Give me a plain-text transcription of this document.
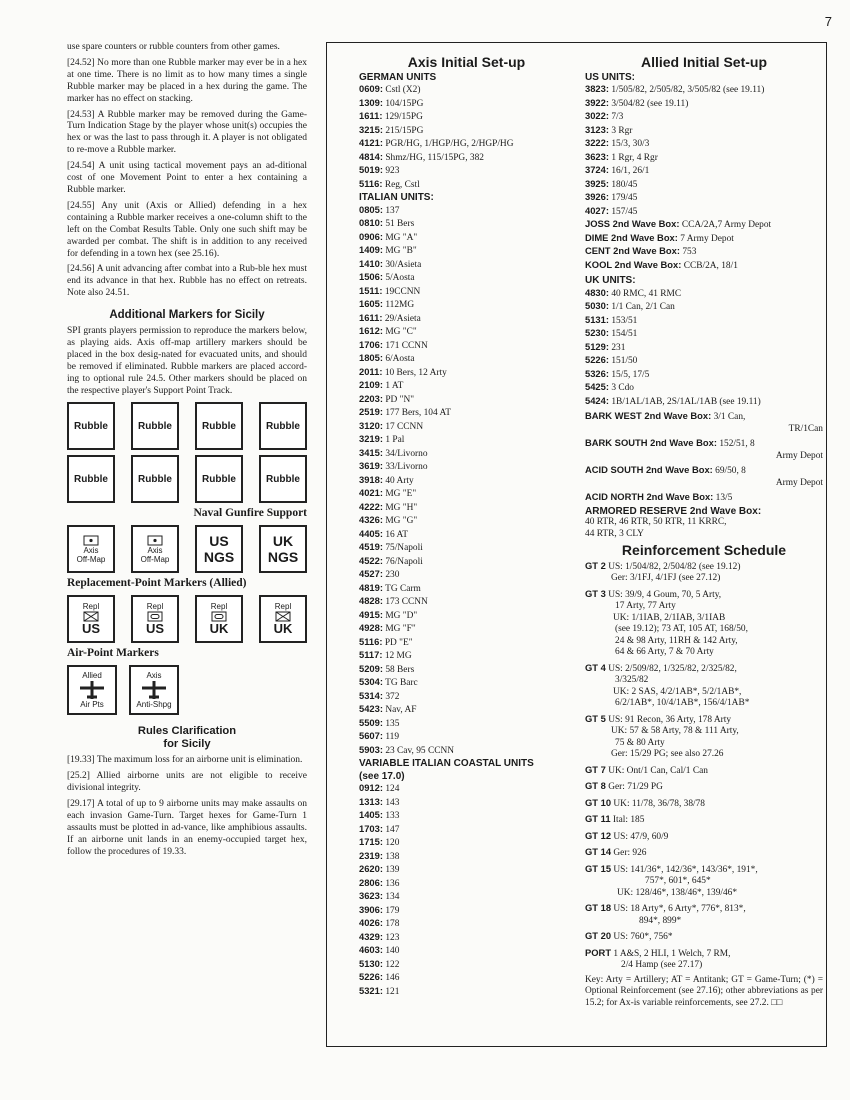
7

use spare counters or rubble counters from other games.

[24.52] No more than one Rubble marker may ever be in a hex at one time. There is no limit as to how many times a single Rubble marker may be placed in a hex during the game. The marker has no effect on stacking.

[24.53] A Rubble marker may be removed during the Game-Turn Indication Stage by the player whose unit(s) occupies the hex or was the last to pass through it. A player is not obligated to re-move a Rubble marker.

[24.54] A unit using tactical movement pays an ad-ditional cost of one Movement Point to enter a hex containing a Rubble marker.

[24.55] Any unit (Axis or Allied) defending in a hex containing a Rubble marker receives a one-column shift to the left on the Combat Results Table. Only one such shift may be awarded per combat. The shift is in addition to any received for defending in a town hex (see 25.16).

[24.56] A unit advancing after combat into a Rub-ble hex must end its advance in that hex. Rubble has no effect on retreats. Note also 24.51.

Additional Markers for Sicily

SPI grants players permission to reproduce the markers below, as playing aids. Axis off-map artillery markers should be placed in the box desig-nated for evacuated units, and should be removed if eliminated. Rubble markers are placed accord-ing to optional rule 24.5. Other markers should be placed on the respective player's Support Point Track.

Rubble	Rubble	Rubble	Rubble
Rubble	Rubble	Rubble	Rubble
Naval Gunfire Support
Axis
Off-Map
Axis
Off-Map
US
NGS
UK
NGS
Replacement-Point Markers (Allied)
Repl
US
Repl
US
Repl
UK
Repl
UK
Air-Point Markers
Allied
Air Pts
Axis
Anti-Shpg
Rules Clarification
for Sicily

[19.33] The maximum loss for an airborne unit is elimination.

[25.2] Allied airborne units are not eligible to receive divisional integrity.

[29.17] A total of up to 9 airborne units may make assaults on each invasion Game-Turn. Target hexes for Game-Turn 1 assaults must be plotted in ad-vance, like amphibious assaults. If an airborne unit lands in an enemy-occupied target hex, follow the procedures of 19.33.

Axis Initial Set-up
GERMAN UNITS
0609: Cstl (X2)
1309: 104/15PG
1611: 129/15PG
3215: 215/15PG
4121: PGR/HG, 1/HGP/HG, 2/HGP/HG
4814: Shmz/HG, 115/15PG, 382
5019: 923
5116: Reg, Cstl
ITALIAN UNITS:
0805: 137
0810: 51 Bers
0906: MG "A"
1409: MG "B"
1410: 30/Asieta
1506: 5/Aosta
1511: 19CCNN
1605: 112MG
1611: 29/Asieta
1612: MG "C"
1706: 171 CCNN
1805: 6/Aosta
2011: 10 Bers, 12 Arty
2109: 1 AT
2203: PD "N"
2519: 177 Bers, 104 AT
3120: 17 CCNN
3219: 1 Pal
3415: 34/Livorno
3619: 33/Livorno
3918: 40 Arty
4021: MG "E"
4222: MG "H"
4326: MG "G"
4405: 16 AT
4519: 75/Napoli
4522: 76/Napoli
4527: 230
4819: TG Carm
4828: 173 CCNN
4915: MG "D"
4928: MG "F"
5116: PD "E"
5117: 12 MG
5209: 58 Bers
5304: TG Barc
5314: 372
5423: Nav, AF
5509: 135
5607: 119
5903: 23 Cav, 95 CCNN
VARIABLE ITALIAN COASTAL UNITS
(see 17.0)
0912: 124
1313: 143
1405: 133
1703: 147
1715: 120
2319: 138
2620: 139
2806: 136
3623: 134
3906: 179
4026: 178
4329: 123
4603: 140
5130: 122
5226: 146
5321: 121
Allied Initial Set-up
US UNITS:
3823: 1/505/82, 2/505/82, 3/505/82 (see 19.11)
3922: 3/504/82 (see 19.11)
3022: 7/3
3123: 3 Rgr
3222: 15/3, 30/3
3623: 1 Rgr, 4 Rgr
3724: 16/1, 26/1
3925: 180/45
3926: 179/45
4027: 157/45
JOSS 2nd Wave Box: CCA/2A,7 Army Depot
DIME 2nd Wave Box: 7 Army Depot
CENT 2nd Wave Box: 753
KOOL 2nd Wave Box: CCB/2A, 18/1
UK UNITS:
4830: 40 RMC, 41 RMC
5030: 1/1 Can, 2/1 Can
5131: 153/51
5230: 154/51
5129: 231
5226: 151/50
5326: 15/5, 17/5
5425: 3 Cdo
5424: 1B/1AL/1AB, 2S/1AL/1AB (see 19.11)
BARK WEST 2nd Wave Box: 3/1 Can,
TR/1Can
BARK SOUTH 2nd Wave Box: 152/51, 8
Army Depot
ACID SOUTH 2nd Wave Box: 69/50, 8
Army Depot
ACID NORTH 2nd Wave Box: 13/5
ARMORED RESERVE 2nd Wave Box:
40 RTR, 46 RTR, 50 RTR, 11 KRRC,
44 RTR, 3 CLY
Reinforcement Schedule
GT 2 US: 1/504/82, 2/504/82 (see 19.12)
Ger: 3/1FJ, 4/1FJ (see 27.12)
GT 3 US: 39/9, 4 Goum, 70, 5 Arty,
17 Arty, 77 Arty
UK: 1/1IAB, 2/1IAB, 3/1IAB
(see 19.12); 73 AT, 105 AT, 168/50,
24 & 98 Arty, 11RH & 142 Arty,
64 & 66 Arty, 7 & 70 Arty
GT 4 US: 2/509/82, 1/325/82, 2/325/82,
3/325/82
UK: 2 SAS, 4/2/1AB*, 5/2/1AB*,
6/2/1AB*, 10/4/1AB*, 156/4/1AB*
GT 5 US: 91 Recon, 36 Arty, 178 Arty
UK: 57 & 58 Arty, 78 & 111 Arty,
75 & 80 Arty
Ger: 15/29 PG; see also 27.26
GT 7 UK: Ont/1 Can, Cal/1 Can
GT 8 Ger: 71/29 PG
GT 10 UK: 11/78, 36/78, 38/78
GT 11 Ital: 185
GT 12 US: 47/9, 60/9
GT 14 Ger: 926
GT 15 US: 141/36*, 142/36*, 143/36*, 191*,
757*, 601*, 645*
UK: 128/46*, 138/46*, 139/46*
GT 18 US: 18 Arty*, 6 Arty*, 776*, 813*,
894*, 899*
GT 20 US: 760*, 756*
PORT 1 A&S, 2 HLI, 1 Welch, 7 RM,
2/4 Hamp (see 27.17)
Key: Arty = Artillery; AT = Antitank; GT = Game-Turn; (*) = Optional Reinforcement (see 27.16); other abbreviations as per 15.2; for Ax-is variable reinforcements, see 27.2. □□
